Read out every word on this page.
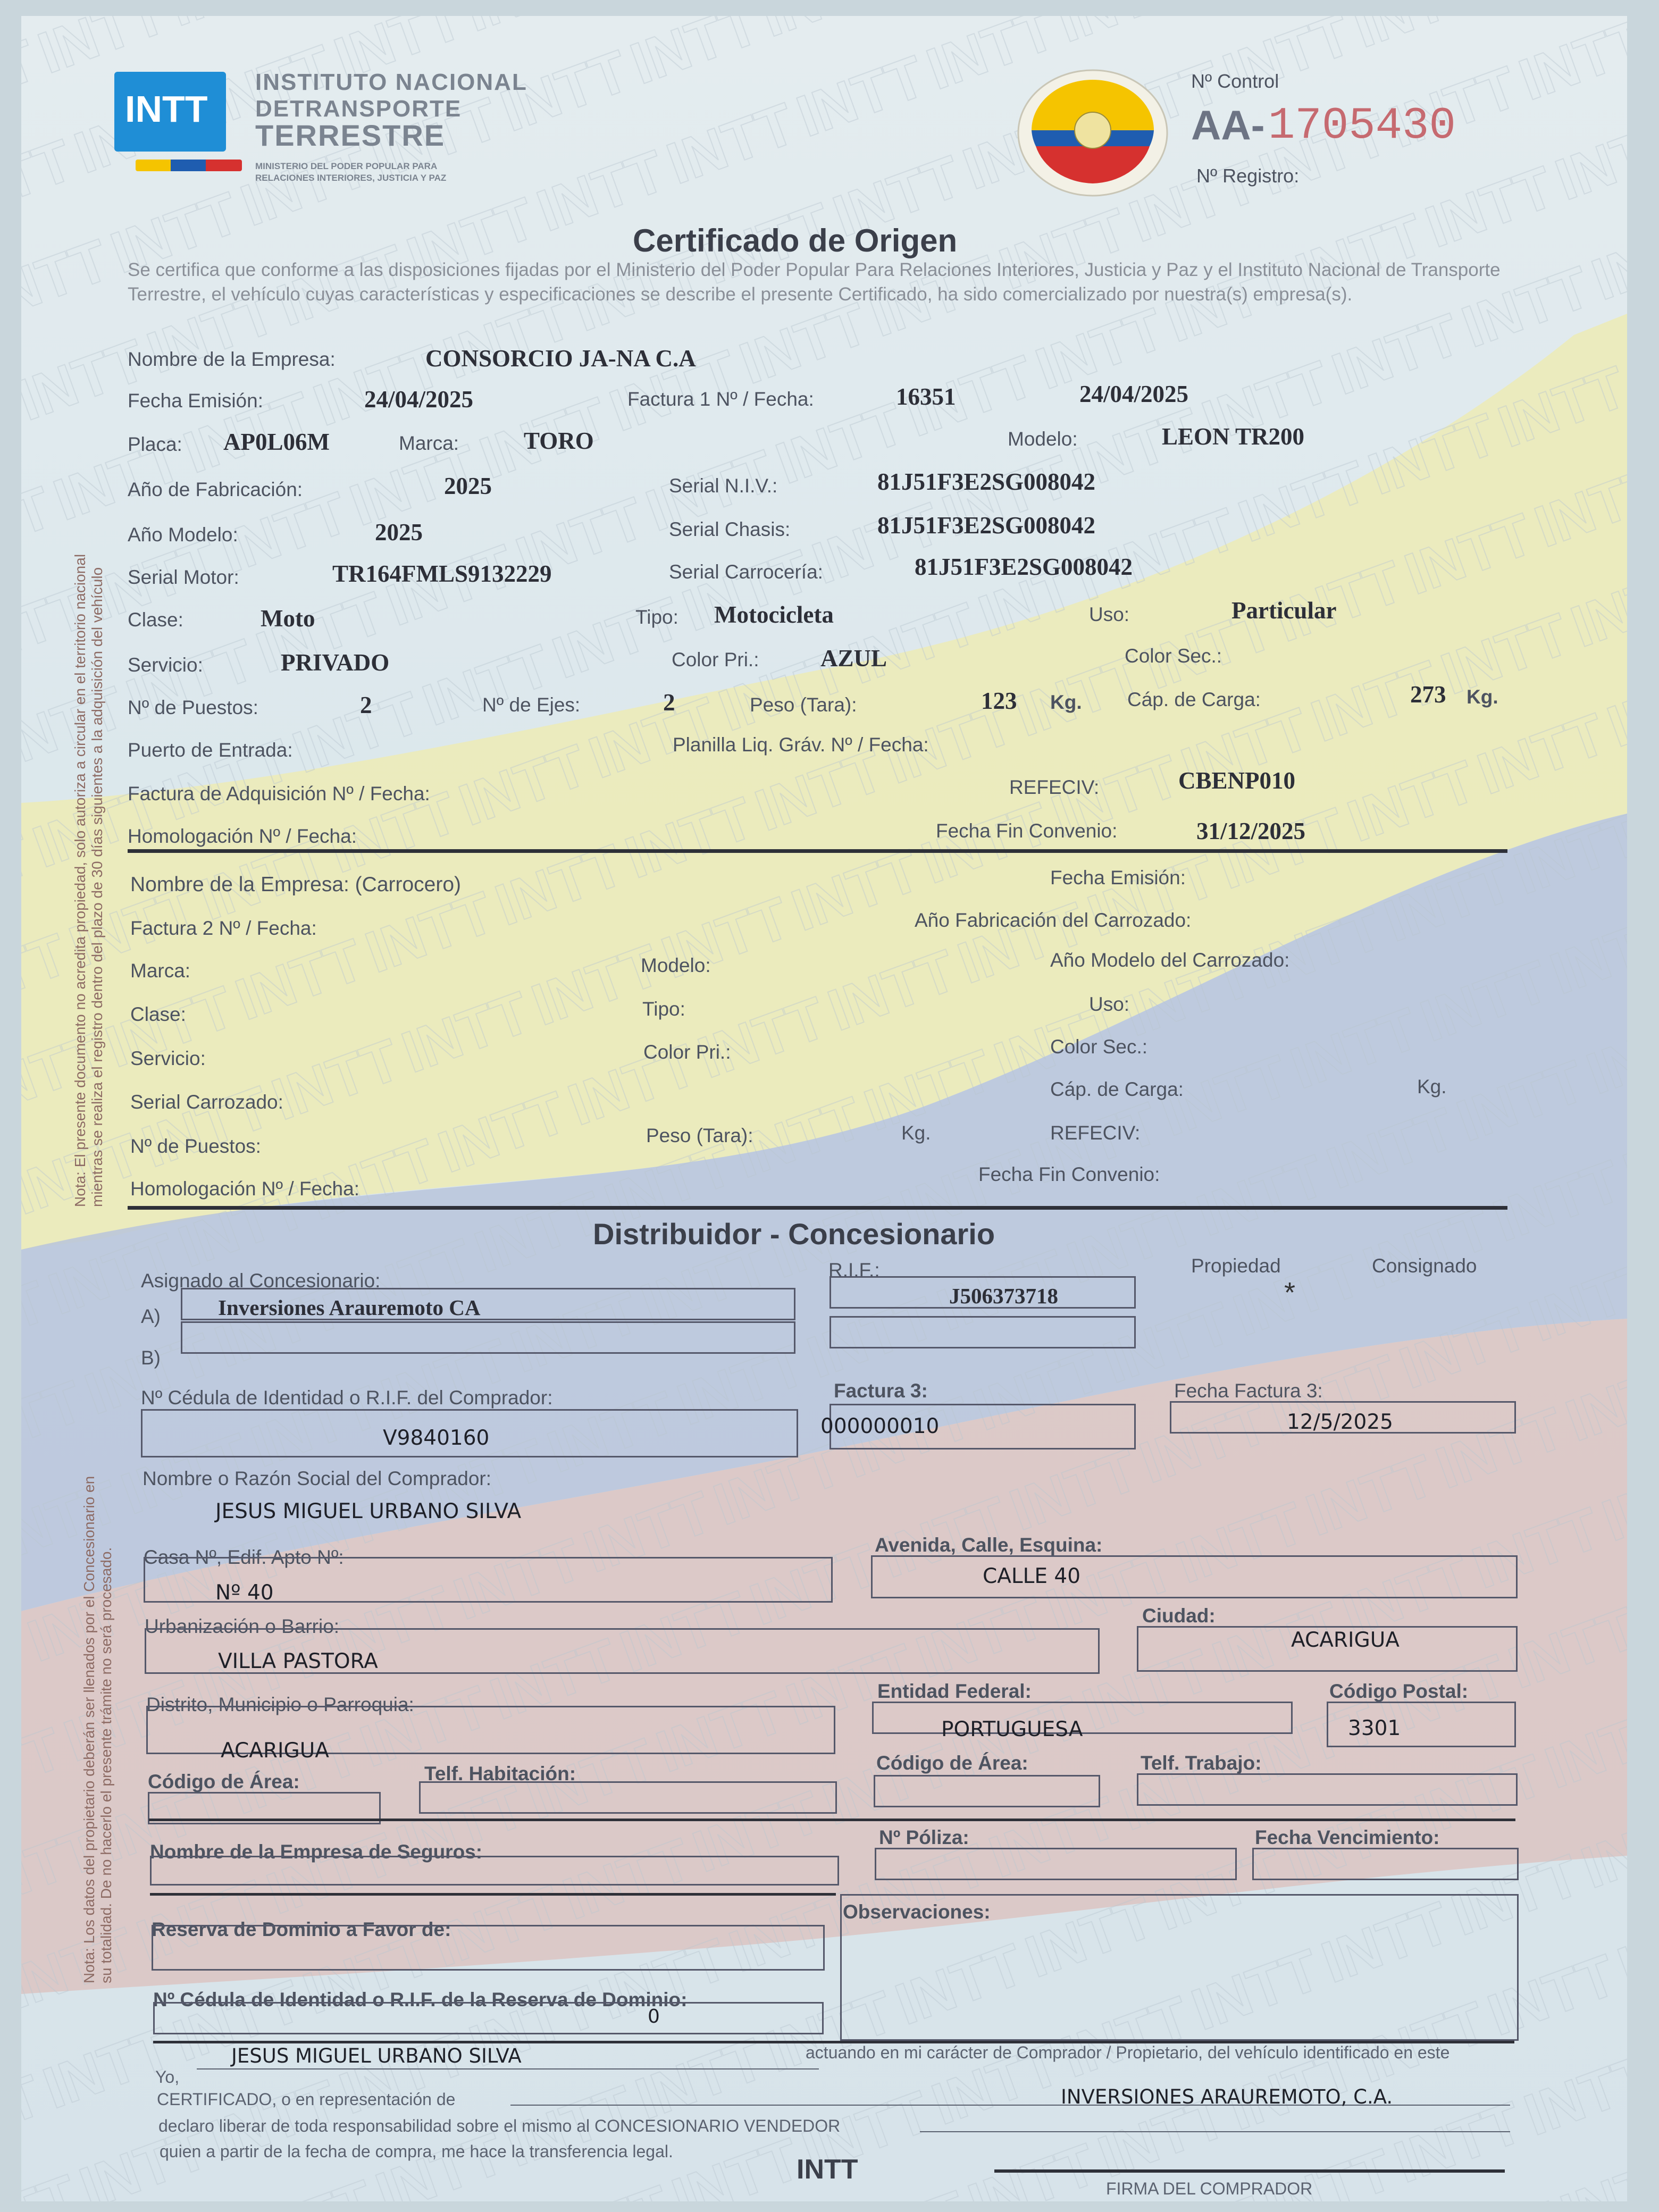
INTT
INSTITUTO NACIONAL
DETRANSPORTE
TERRESTRE
MINISTERIO DEL PODER POPULAR PARA
RELACIONES INTERIORES, JUSTICIA Y PAZ
Nº Control
AA- 1705430
Nº Registro:
Certificado de Origen
Se certifica que conforme a las disposiciones fijadas por el Ministerio del Poder Popular Para Relaciones Interiores, Justicia y Paz y el Instituto Nacional de Transporte Terrestre, el vehículo cuyas características y especificaciones se describe el presente Certificado, ha sido comercializado por nuestra(s) empresa(s).
Nombre de la Empresa:	CONSORCIO JA-NA C.A
Fecha Emisión:	24/04/2025	Factura 1 Nº / Fecha:	16351	24/04/2025
Placa: AP0L06M	Marca:	TORO	Modelo:	LEON TR200
Año de Fabricación:	2025	Serial N.I.V.:	81J51F3E2SG008042
Año Modelo:	2025	Serial Chasis:	81J51F3E2SG008042
Serial Motor:	TR164FMLS9132229	Serial Carrocería:	81J51F3E2SG008042
Clase:	Moto	Tipo: Motocicleta	Uso:	Particular
Servicio:	PRIVADO	Color Pri.:	AZUL	Color Sec.:
Nº de Puestos:	2	Nº de Ejes:	2	Peso (Tara):	123 Kg. Cáp. de Carga:	273 Kg.
Puerto de Entrada:	Planilla Liq. Gráv. Nº / Fecha:
Factura de Adquisición Nº / Fecha:	REFECIV:	CBENP010
Homologación Nº / Fecha:	Fecha Fin Convenio:	31/12/2025
Nombre de la Empresa: (Carrocero)	Fecha Emisión:
Factura 2 Nº / Fecha:	Año Fabricación del Carrozado:
Marca:	Modelo:	Año Modelo del Carrozado:
Clase:	Tipo:	Uso:
Servicio:	Color Pri.:	Color Sec.:
Serial Carrozado:
Cáp. de Carga:	Kg.
Nº de Puestos:	Peso (Tara):	Kg.	REFECIV:
Homologación Nº / Fecha:
Fecha Fin Convenio:
Distribuidor - Concesionario
Asignado al Concesionario:	R.I.F.:	Propiedad	Consignado
A)	Inversiones Arauremoto CA	J506373718	*
B)
Nº Cédula de Identidad o R.I.F. del Comprador:
V9840160
Factura 3:
000000010
Fecha Factura 3:
12/5/2025
Nombre o Razón Social del Comprador:
JESUS MIGUEL URBANO SILVA
Casa Nº, Edif. Apto Nº:
Nº 40
Avenida, Calle, Esquina:
CALLE 40
Urbanización o Barrio:
VILLA PASTORA
Ciudad:
ACARIGUA
Distrito, Municipio o Parroquia:
ACARIGUA
Entidad Federal:
PORTUGUESA
Código Postal:
3301
Código de Área:	Telf. Habitación:	Código de Área:	Telf. Trabajo:
Nombre de la Empresa de Seguros:
Nº Póliza:	Fecha Vencimiento:
Reserva de Dominio a Favor de:
Observaciones:
Nº Cédula de Identidad o R.I.F. de la Reserva de Dominio:
0
Yo,
JESUS MIGUEL URBANO SILVA	actuando en mi carácter de Comprador / Propietario, del vehículo identificado en este
CERTIFICADO, o en representación de
declaro liberar de toda responsabilidad sobre el mismo al CONCESIONARIO VENDEDOR
INVERSIONES ARAUREMOTO, C.A.
quien a partir de la fecha de compra, me hace la transferencia legal.
INTT
FIRMA DEL COMPRADOR
Nota: El presente documento no acredita propiedad, solo autoriza a circular en el territorio nacional mientras se realiza el registro dentro del plazo de 30 días siguientes a la adquisición del vehículo
Nota: Los datos del propietario deberán ser llenados por el Concesionario en su totalidad. De no hacerlo el presente trámite no será procesado.
